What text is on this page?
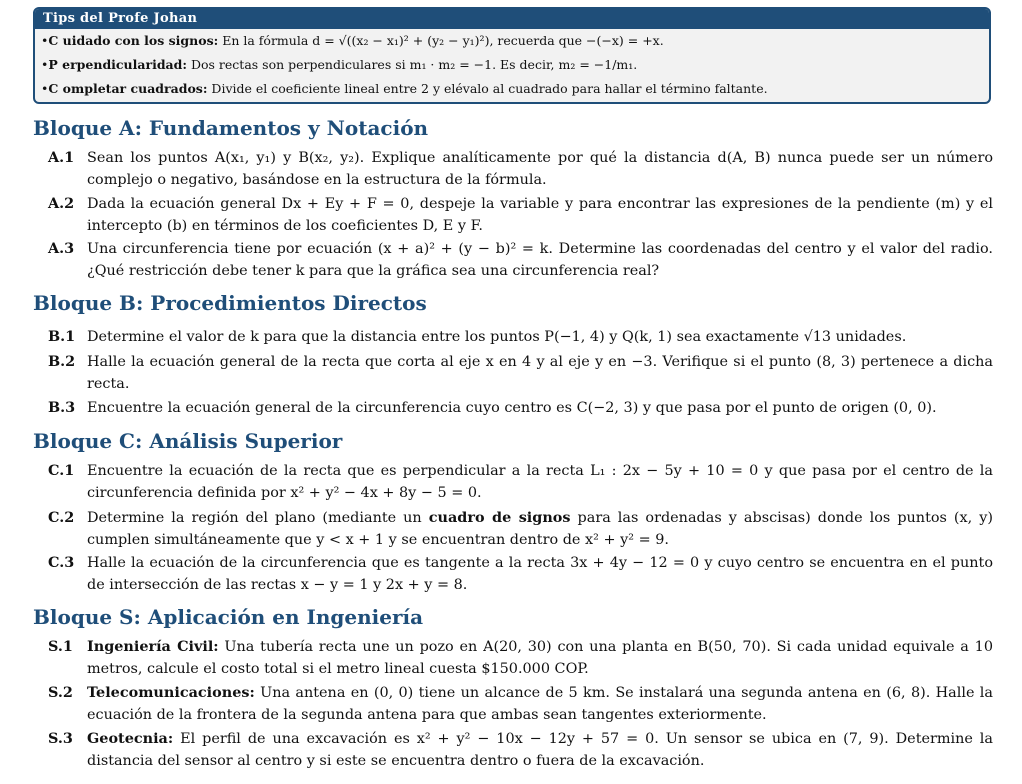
Tips del Profe Johan
•C uidado con los signos: En la fórmula d = √((x₂ − x₁)² + (y₂ − y₁)²), recuerda que −(−x) = +x.
•P erpendicularidad: Dos rectas son perpendiculares si m₁ · m₂ = −1. Es decir, m₂ = −1/m₁.
•C ompletar cuadrados: Divide el coeficiente lineal entre 2 y elévalo al cuadrado para hallar el término faltante.
Bloque A: Fundamentos y Notación
A.1 Sean los puntos A(x₁, y₁) y B(x₂, y₂). Explique analíticamente por qué la distancia d(A, B) nunca puede ser un número complejo o negativo, basándose en la estructura de la fórmula.
A.2 Dada la ecuación general Dx + Ey + F = 0, despeje la variable y para encontrar las expresiones de la pendiente (m) y el intercepto (b) en términos de los coeficientes D, E y F.
A.3 Una circunferencia tiene por ecuación (x + a)² + (y − b)² = k. Determine las coordenadas del centro y el valor del radio. ¿Qué restricción debe tener k para que la gráfica sea una circunferencia real?
Bloque B: Procedimientos Directos
B.1 Determine el valor de k para que la distancia entre los puntos P(−1, 4) y Q(k, 1) sea exactamente √13 unidades.
B.2 Halle la ecuación general de la recta que corta al eje x en 4 y al eje y en −3. Verifique si el punto (8, 3) pertenece a dicha recta.
B.3 Encuentre la ecuación general de la circunferencia cuyo centro es C(−2, 3) y que pasa por el punto de origen (0, 0).
Bloque C: Análisis Superior
C.1 Encuentre la ecuación de la recta que es perpendicular a la recta L₁ : 2x − 5y + 10 = 0 y que pasa por el centro de la circunferencia definida por x² + y² − 4x + 8y − 5 = 0.
C.2 Determine la región del plano (mediante un cuadro de signos para las ordenadas y abscisas) donde los puntos (x, y) cumplen simultáneamente que y < x + 1 y se encuentran dentro de x² + y² = 9.
C.3 Halle la ecuación de la circunferencia que es tangente a la recta 3x + 4y − 12 = 0 y cuyo centro se encuentra en el punto de intersección de las rectas x − y = 1 y 2x + y = 8.
Bloque S: Aplicación en Ingeniería
S.1 Ingeniería Civil: Una tubería recta une un pozo en A(20, 30) con una planta en B(50, 70). Si cada unidad equivale a 10 metros, calcule el costo total si el metro lineal cuesta $150.000 COP.
S.2 Telecomunicaciones: Una antena en (0, 0) tiene un alcance de 5 km. Se instalará una segunda antena en (6, 8). Halle la ecuación de la frontera de la segunda antena para que ambas sean tangentes exteriormente.
S.3 Geotecnia: El perfil de una excavación es x² + y² − 10x − 12y + 57 = 0. Un sensor se ubica en (7, 9). Determine la distancia del sensor al centro y si este se encuentra dentro o fuera de la excavación.
